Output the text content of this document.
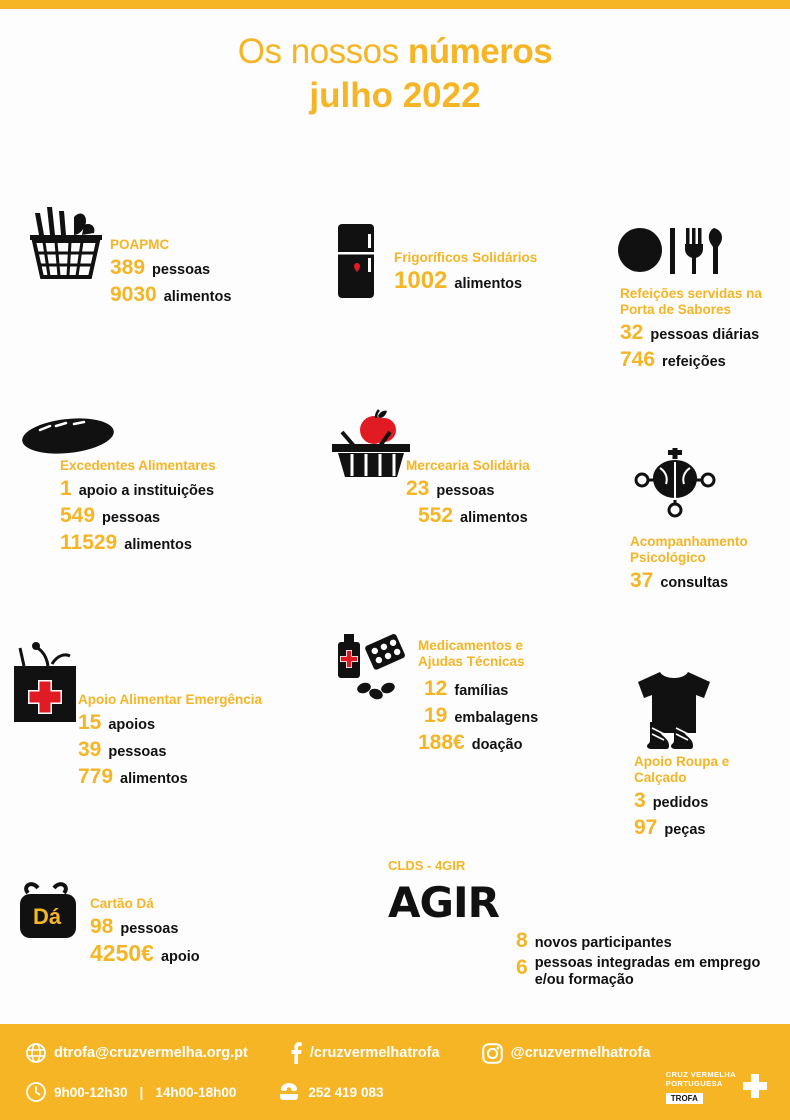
Os nossos números
julho 2022
POAPMC
389 pessoas
9030 alimentos
Frigoríficos Solidários
1002 alimentos
Refeições servidas na Porta de Sabores
32 pessoas diárias
746 refeições
Excedentes Alimentares
1 apoio a instituições
549 pessoas
11529 alimentos
Mercearia Solidária
23 pessoas
552 alimentos
Acompanhamento Psicológico
37 consultas
Apoio Alimentar Emergência
15 apoios
39 pessoas
779 alimentos
Medicamentos e Ajudas Técnicas
12 famílias
19 embalagens
188€ doação
Apoio Roupa e Calçado
3 pedidos
97 peças
Dá
Cartão Dá
98 pessoas
4250€ apoio
CLDS - 4GIR
AGIR
8 novos participantes
6 pessoas integradas em emprego e/ou formação
dtrofa@cruzvermelha.org.pt	/cruzvermelhatrofa	@cruzvermelhatrofa
9h00-12h30 | 14h00-18h00	252 419 083
CRUZ VERMELHA
PORTUGUESA
TROFA
